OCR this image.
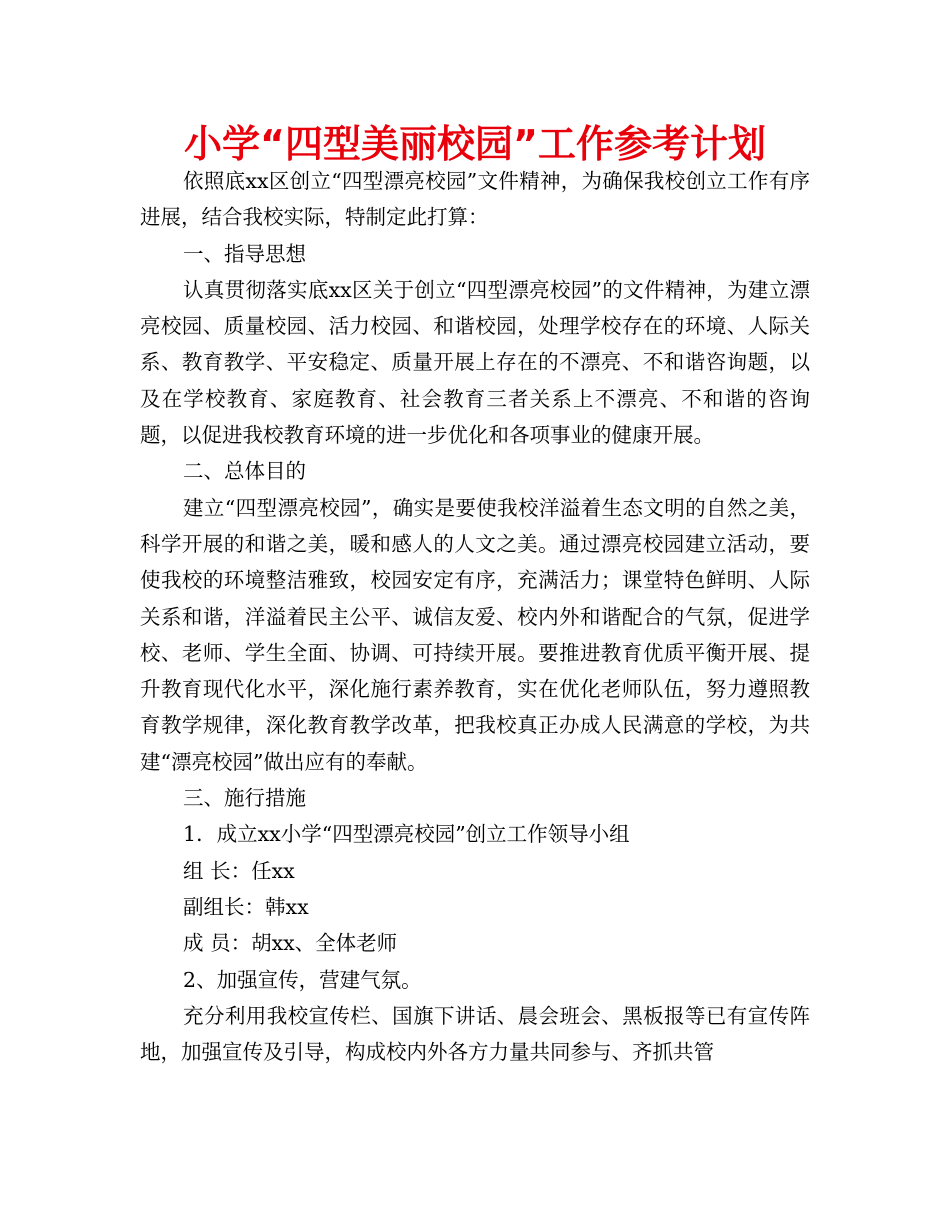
小学“四型美丽校园”工作参考计划

依照底xx区创立“四型漂亮校园”文件精神，为确保我校创立工作有序进展，结合我校实际，特制定此打算：

一、指导思想

认真贯彻落实底xx区关于创立“四型漂亮校园”的文件精神，为建立漂亮校园、质量校园、活力校园、和谐校园，处理学校存在的环境、人际关系、教育教学、平安稳定、质量开展上存在的不漂亮、不和谐咨询题，以及在学校教育、家庭教育、社会教育三者关系上不漂亮、不和谐的咨询题，以促进我校教育环境的进一步优化和各项事业的健康开展。

二、总体目的

建立“四型漂亮校园”，确实是要使我校洋溢着生态文明的自然之美，科学开展的和谐之美，暖和感人的人文之美。通过漂亮校园建立活动，要使我校的环境整洁雅致，校园安定有序，充满活力；课堂特色鲜明、人际关系和谐，洋溢着民主公平、诚信友爱、校内外和谐配合的气氛，促进学校、老师、学生全面、协调、可持续开展。要推进教育优质平衡开展、提升教育现代化水平，深化施行素养教育，实在优化老师队伍，努力遵照教育教学规律，深化教育教学改革，把我校真正办成人民满意的学校，为共建“漂亮校园”做出应有的奉献。

三、施行措施

1．成立xx小学“四型漂亮校园”创立工作领导小组

组 长：任xx

副组长：韩xx

成 员：胡xx、全体老师

2、加强宣传，营建气氛。

充分利用我校宣传栏、国旗下讲话、晨会班会、黑板报等已有宣传阵地，加强宣传及引导，构成校内外各方力量共同参与、齐抓共管
